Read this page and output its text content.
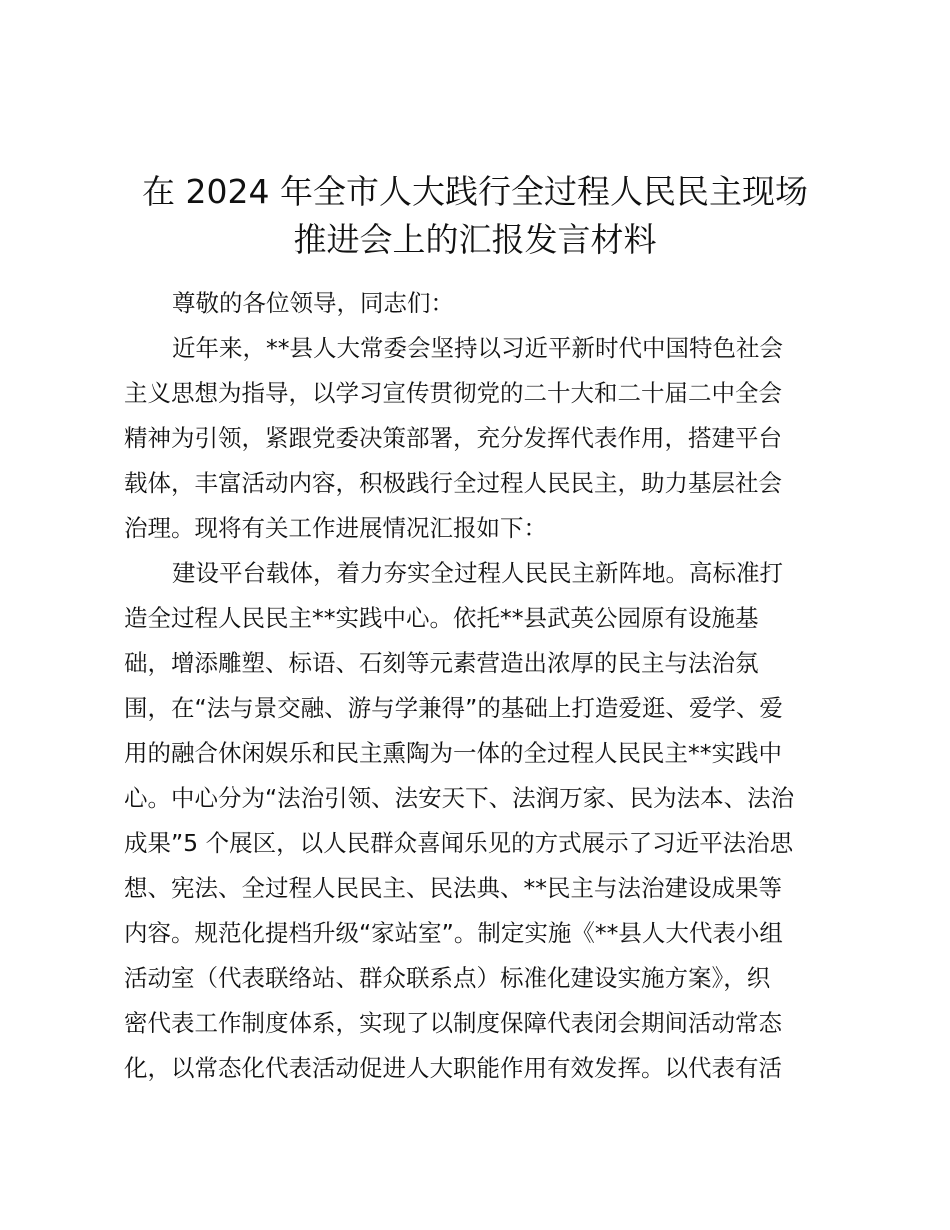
在 2024 年全市人大践行全过程人民民主现场
推进会上的汇报发言材料
尊敬的各位领导，同志们：
近年来，**县人大常委会坚持以习近平新时代中国特色社会
主义思想为指导，以学习宣传贯彻党的二十大和二十届二中全会
精神为引领，紧跟党委决策部署，充分发挥代表作用，搭建平台
载体，丰富活动内容，积极践行全过程人民民主，助力基层社会
治理。现将有关工作进展情况汇报如下：
建设平台载体，着力夯实全过程人民民主新阵地。高标准打
造全过程人民民主**实践中心。依托**县武英公园原有设施基
础，增添雕塑、标语、石刻等元素营造出浓厚的民主与法治氛
围，在“法与景交融、游与学兼得”的基础上打造爱逛、爱学、爱
用的融合休闲娱乐和民主熏陶为一体的全过程人民民主**实践中
心。中心分为“法治引领、法安天下、法润万家、民为法本、法治
成果”5 个展区，以人民群众喜闻乐见的方式展示了习近平法治思
想、宪法、全过程人民民主、民法典、**民主与法治建设成果等
内容。规范化提档升级“家站室”。制定实施《**县人大代表小组
活动室（代表联络站、群众联系点）标准化建设实施方案》，织
密代表工作制度体系，实现了以制度保障代表闭会期间活动常态
化，以常态化代表活动促进人大职能作用有效发挥。以代表有活
